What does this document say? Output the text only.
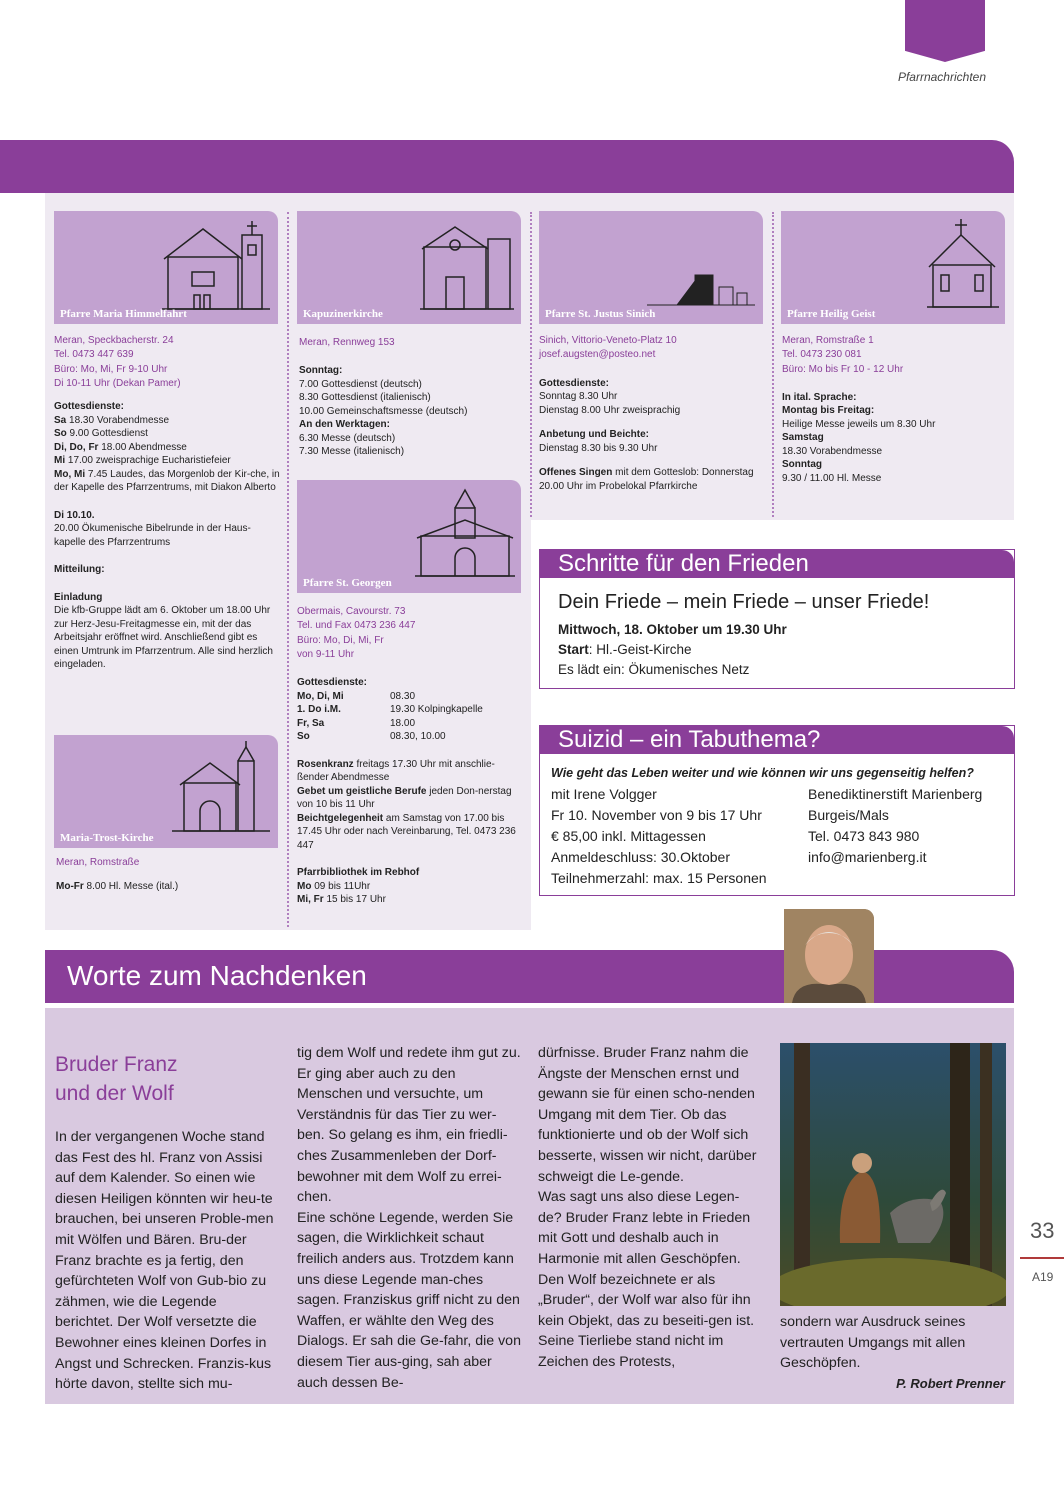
Pfarrnachrichten
Pfarre Maria Himmelfahrt
Meran, Speckbacherstr. 24
Tel. 0473 447 639
Büro: Mo, Mi, Fr 9-10 Uhr
Di 10-11 Uhr (Dekan Pamer)
Gottesdienste:
Sa 18.30 Vorabendmesse
So 9.00 Gottesdienst
Di, Do, Fr 18.00 Abendmesse
Mi 17.00 zweisprachige Eucharistiefeier
Mo, Mi 7.45 Laudes, das Morgenlob der Kir-che, in der Kapelle des Pfarrzentrums, mit Diakon Alberto
Di 10.10.
20.00 Ökumenische Bibelrunde in der Haus-kapelle des Pfarrzentrums
Mitteilung:
Einladung
Die kfb-Gruppe lädt am 6. Oktober um 18.00 Uhr zur Herz-Jesu-Freitagmesse ein, mit der das Arbeitsjahr eröffnet wird. Anschließend gibt es einen Umtrunk im Pfarrzentrum. Alle sind herzlich eingeladen.
Maria-Trost-Kirche
Meran, Romstraße
Mo-Fr 8.00 Hl. Messe (ital.)
Kapuzinerkirche
Meran, Rennweg 153
Sonntag:
7.00 Gottesdienst (deutsch)
8.30 Gottesdienst (italienisch)
10.00 Gemeinschaftsmesse (deutsch)
An den Werktagen:
6.30 Messe (deutsch)
7.30 Messe (italienisch)
Pfarre St. Georgen
Obermais, Cavourstr. 73
Tel. und Fax 0473 236 447
Büro: Mo, Di, Mi, Fr
von 9-11 Uhr
Gottesdienste:
Mo, Di, Mi	08.30
1. Do i.M.	19.30 Kolpingkapelle
Fr, Sa	18.00
So	08.30, 10.00
Rosenkranz freitags 17.30 Uhr mit anschlie-ßender Abendmesse
Gebet um geistliche Berufe jeden Don-nerstag von 10 bis 11 Uhr
Beichtgelegenheit am Samstag von 17.00 bis 17.45 Uhr oder nach Vereinbarung, Tel. 0473 236 447
Pfarrbibliothek im Rebhof
Mo 09 bis 11Uhr
Mi, Fr 15 bis 17 Uhr
Pfarre St. Justus Sinich
Sinich, Vittorio-Veneto-Platz 10
josef.augsten@posteo.net
Gottesdienste:
Sonntag 8.30 Uhr
Dienstag 8.00 Uhr zweisprachig
Anbetung und Beichte:
Dienstag 8.30 bis 9.30 Uhr
Offenes Singen mit dem Gotteslob: Donnerstag 20.00 Uhr im Probelokal Pfarrkirche
Pfarre Heilig Geist
Meran, Romstraße 1
Tel. 0473 230 081
Büro: Mo bis Fr 10 - 12 Uhr
In ital. Sprache:
Montag bis Freitag:
Heilige Messe jeweils um 8.30 Uhr
Samstag
18.30 Vorabendmesse
Sonntag
9.30 / 11.00 Hl. Messe
Schritte für den Frieden
Dein Friede – mein Friede – unser Friede!
Mittwoch, 18. Oktober um 19.30 Uhr
Start: Hl.-Geist-Kirche
Es lädt ein: Ökumenisches Netz
Suizid – ein Tabuthema?
Wie geht das Leben weiter und wie können wir uns gegenseitig helfen?
mit Irene Volgger
Fr 10. November von 9 bis 17 Uhr
€ 85,00 inkl. Mittagessen
Anmeldeschluss: 30.Oktober
Teilnehmerzahl: max. 15 Personen
Benediktinerstift Marienberg
Burgeis/Mals
Tel. 0473 843 980
info@marienberg.it
Worte zum Nachdenken
Bruder Franz
und der Wolf
In der vergangenen Woche stand das Fest des hl. Franz von Assisi auf dem Kalender. So einen wie diesen Heiligen könnten wir heu-te brauchen, bei unseren Proble-men mit Wölfen und Bären. Bru-der Franz brachte es ja fertig, den gefürchteten Wolf von Gub-bio zu zähmen, wie die Legende berichtet. Der Wolf versetzte die Bewohner eines kleinen Dorfes in Angst und Schrecken. Franzis-kus hörte davon, stellte sich mu-
tig dem Wolf und redete ihm gut zu. Er ging aber auch zu den Menschen und versuchte, um Verständnis für das Tier zu wer-ben. So gelang es ihm, ein friedli-ches Zusammenleben der Dorf-bewohner mit dem Wolf zu errei-chen.
Eine schöne Legende, werden Sie sagen, die Wirklichkeit schaut freilich anders aus. Trotzdem kann uns diese Legende man-ches sagen. Franziskus griff nicht zu den Waffen, er wählte den Weg des Dialogs. Er sah die Ge-fahr, die von diesem Tier aus-ging, sah aber auch dessen Be-
dürfnisse. Bruder Franz nahm die Ängste der Menschen ernst und gewann sie für einen scho-nenden Umgang mit dem Tier. Ob das funktionierte und ob der Wolf sich besserte, wissen wir nicht, darüber schweigt die Le-gende.
Was sagt uns also diese Legen-de? Bruder Franz lebte in Frieden mit Gott und deshalb auch in Harmonie mit allen Geschöpfen. Den Wolf bezeichnete er als „Bruder“, der Wolf war also für ihn kein Objekt, das zu beseiti-gen ist. Seine Tierliebe stand nicht im Zeichen des Protests,
sondern war Ausdruck seines vertrauten Umgangs mit allen Geschöpfen.
P. Robert Prenner
33
A19
